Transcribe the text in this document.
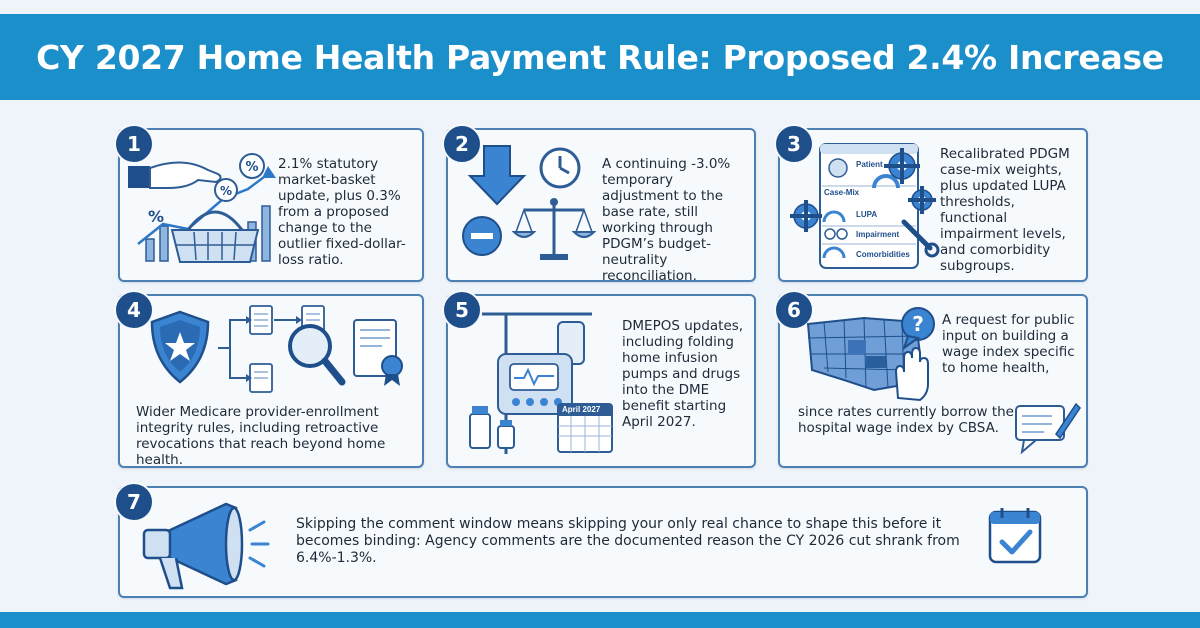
CY 2027 Home Health Payment Rule: Proposed 2.4% Increase
1
%
%
%
2.1% statutory market-basket update, plus 0.3% from a proposed change to the outlier fixed-dollar-loss ratio.
2
A continuing -3.0% temporary adjustment to the base rate, still working through PDGM’s budget-neutrality reconciliation.
3
Patient
Case-Mix
LUPA
Impairment
Comorbidities
Recalibrated PDGM case-mix weights, plus updated LUPA thresholds, functional impairment levels, and comorbidity subgroups.
4
Wider Medicare provider-enrollment integrity rules, including retroactive revocations that reach beyond home health.
5
April 2027
DMEPOS updates, including folding home infusion pumps and drugs into the DME benefit starting April 2027.
6
? A request for public input on building a wage index specific to home health,
since rates currently borrow the hospital wage index by CBSA.
7
Skipping the comment window means skipping your only real chance to shape this before it becomes binding: Agency comments are the documented reason the CY 2026 cut shrank from 6.4%-1.3%.
